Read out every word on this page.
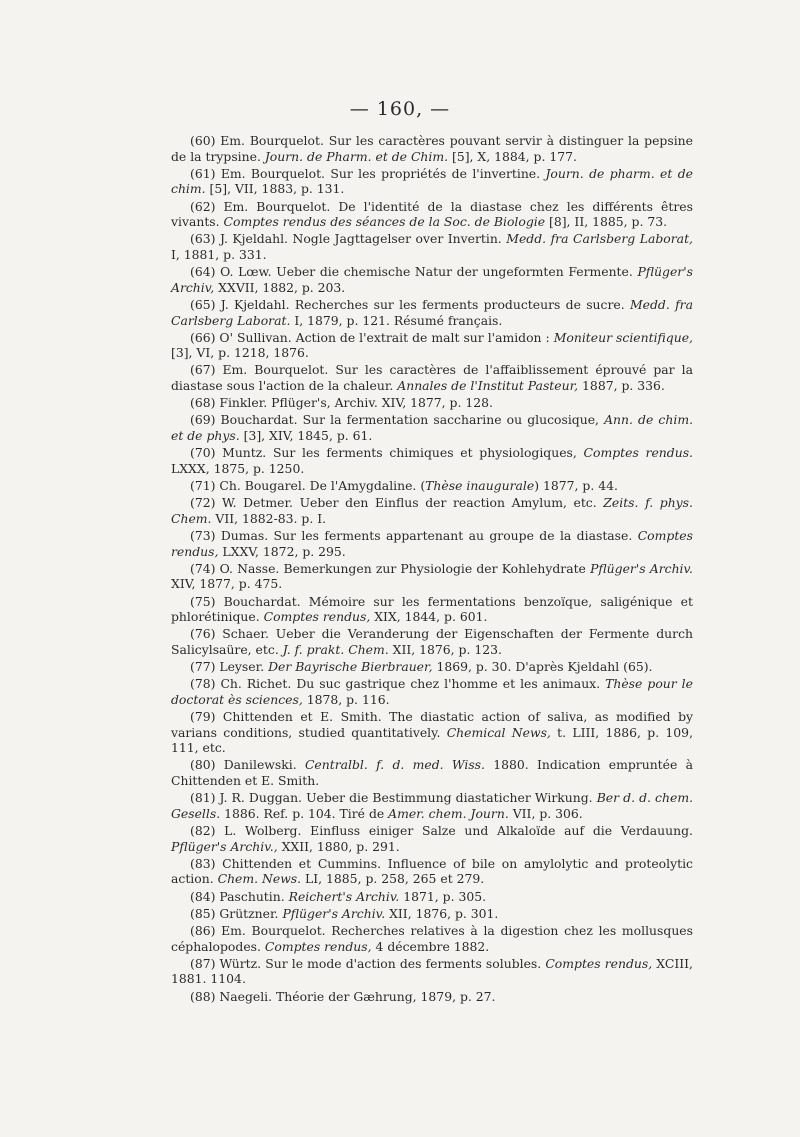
— 160, —

(60) Em. Bourquelot. Sur les caractères pouvant servir à distinguer la pepsine de la trypsine. Journ. de Pharm. et de Chim. [5], X, 1884, p. 177.

(61) Em. Bourquelot. Sur les propriétés de l'invertine. Journ. de pharm. et de chim. [5], VII, 1883, p. 131.

(62) Em. Bourquelot. De l'identité de la diastase chez les différents êtres vivants. Comptes rendus des séances de la Soc. de Biologie [8], II, 1885, p. 73.

(63) J. Kjeldahl. Nogle Jagttagelser over Invertin. Medd. fra Carlsberg Laborat, I, 1881, p. 331.

(64) O. Lœw. Ueber die chemische Natur der ungeformten Fermente. Pflüger's Archiv, XXVII, 1882, p. 203.

(65) J. Kjeldahl. Recherches sur les ferments producteurs de sucre. Medd. fra Carlsberg Laborat. I, 1879, p. 121. Résumé français.

(66) O' Sullivan. Action de l'extrait de malt sur l'amidon : Moniteur scientifique, [3], VI, p. 1218, 1876.

(67) Em. Bourquelot. Sur les caractères de l'affaiblissement éprouvé par la diastase sous l'action de la chaleur. Annales de l'Institut Pasteur, 1887, p. 336.

(68) Finkler. Pflüger's, Archiv. XIV, 1877, p. 128.

(69) Bouchardat. Sur la fermentation saccharine ou glucosique, Ann. de chim. et de phys. [3], XIV, 1845, p. 61.

(70) Muntz. Sur les ferments chimiques et physiologiques, Comptes rendus. LXXX, 1875, p. 1250.

(71) Ch. Bougarel. De l'Amygdaline. (Thèse inaugurale) 1877, p. 44.

(72) W. Detmer. Ueber den Einflus der reaction Amylum, etc. Zeits. f. phys. Chem. VII, 1882-83. p. I.

(73) Dumas. Sur les ferments appartenant au groupe de la diastase. Comptes rendus, LXXV, 1872, p. 295.

(74) O. Nasse. Bemerkungen zur Physiologie der Kohlehydrate Pflüger's Archiv. XIV, 1877, p. 475.

(75) Bouchardat. Mémoire sur les fermentations benzoïque, saligénique et phlorétinique. Comptes rendus, XIX, 1844, p. 601.

(76) Schaer. Ueber die Veranderung der Eigenschaften der Fermente durch Salicylsaüre, etc. J. f. prakt. Chem. XII, 1876, p. 123.

(77) Leyser. Der Bayrische Bierbrauer, 1869, p. 30. D'après Kjeldahl (65).

(78) Ch. Richet. Du suc gastrique chez l'homme et les animaux. Thèse pour le doctorat ès sciences, 1878, p. 116.

(79) Chittenden et E. Smith. The diastatic action of saliva, as modified by varians conditions, studied quantitatively. Chemical News, t. LIII, 1886, p. 109, 111, etc.

(80) Danilewski. Centralbl. f. d. med. Wiss. 1880. Indication empruntée à Chittenden et E. Smith.

(81) J. R. Duggan. Ueber die Bestimmung diastaticher Wirkung. Ber d. d. chem. Gesells. 1886. Ref. p. 104. Tiré de Amer. chem. Journ. VII, p. 306.

(82) L. Wolberg. Einfluss einiger Salze und Alkaloïde auf die Verdauung. Pflüger's Archiv., XXII, 1880, p. 291.

(83) Chittenden et Cummins. Influence of bile on amylolytic and proteolytic action. Chem. News. LI, 1885, p. 258, 265 et 279.

(84) Paschutin. Reichert's Archiv. 1871, p. 305.

(85) Grützner. Pflüger's Archiv. XII, 1876, p. 301.

(86) Em. Bourquelot. Recherches relatives à la digestion chez les mollusques céphalopodes. Comptes rendus, 4 décembre 1882.

(87) Würtz. Sur le mode d'action des ferments solubles. Comptes rendus, XCIII, 1881. 1104.

(88) Naegeli. Théorie der Gæhrung, 1879, p. 27.
